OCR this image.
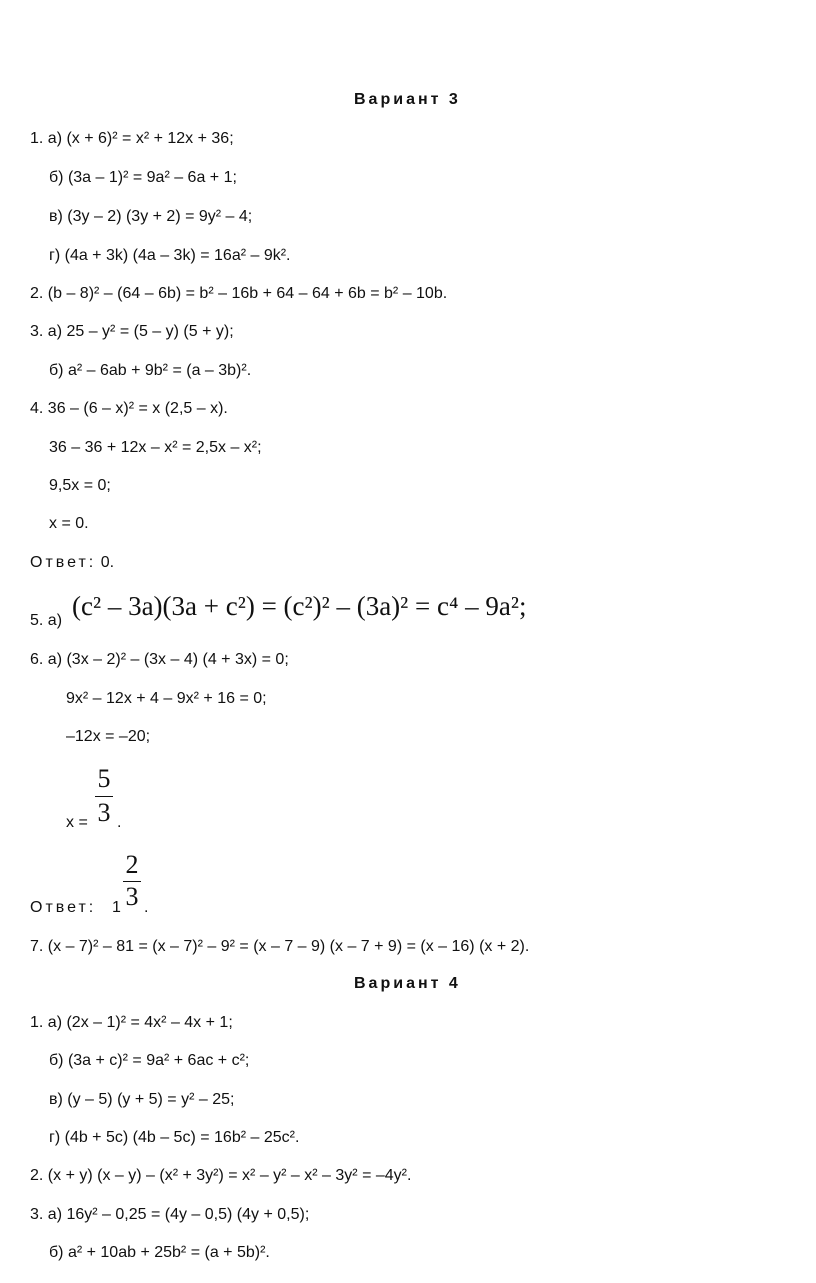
Вариант 3
1. а) (x + 6)² = x² + 12x + 36;
б) (3a – 1)² = 9a² – 6a + 1;
в) (3y – 2) (3y + 2) = 9y² – 4;
г) (4a + 3k) (4a – 3k) = 16a² – 9k².
2. (b – 8)² – (64 – 6b) = b² – 16b + 64 – 64 + 6b = b² – 10b.
3. а) 25 – y² = (5 – y) (5 + y);
б) a² – 6ab + 9b² = (a – 3b)².
4. 36 – (6 – x)² = x (2,5 – x).
36 – 36 + 12x – x² = 2,5x – x²;
9,5x = 0;
x = 0.
Ответ: 0.
5. а) (c² – 3a)(3a + c²) = (c²)² – (3a)² = c⁴ – 9a²;
6. а) (3x – 2)² – (3x – 4) (4 + 3x) = 0;
9x² – 12x + 4 – 9x² + 16 = 0;
–12x = –20;
x =
5
3 .
Ответ: 1
2
3 .
7. (x – 7)² – 81 = (x – 7)² – 9² = (x – 7 – 9) (x – 7 + 9) = (x – 16) (x + 2).
Вариант 4
1. а) (2x – 1)² = 4x² – 4x + 1;
б) (3a + c)² = 9a² + 6ac + c²;
в) (y – 5) (y + 5) = y² – 25;
г) (4b + 5c) (4b – 5c) = 16b² – 25c².
2. (x + y) (x – y) – (x² + 3y²) = x² – y² – x² – 3y² = –4y².
3. а) 16y² – 0,25 = (4y – 0,5) (4y + 0,5);
б) a² + 10ab + 25b² = (a + 5b)².
